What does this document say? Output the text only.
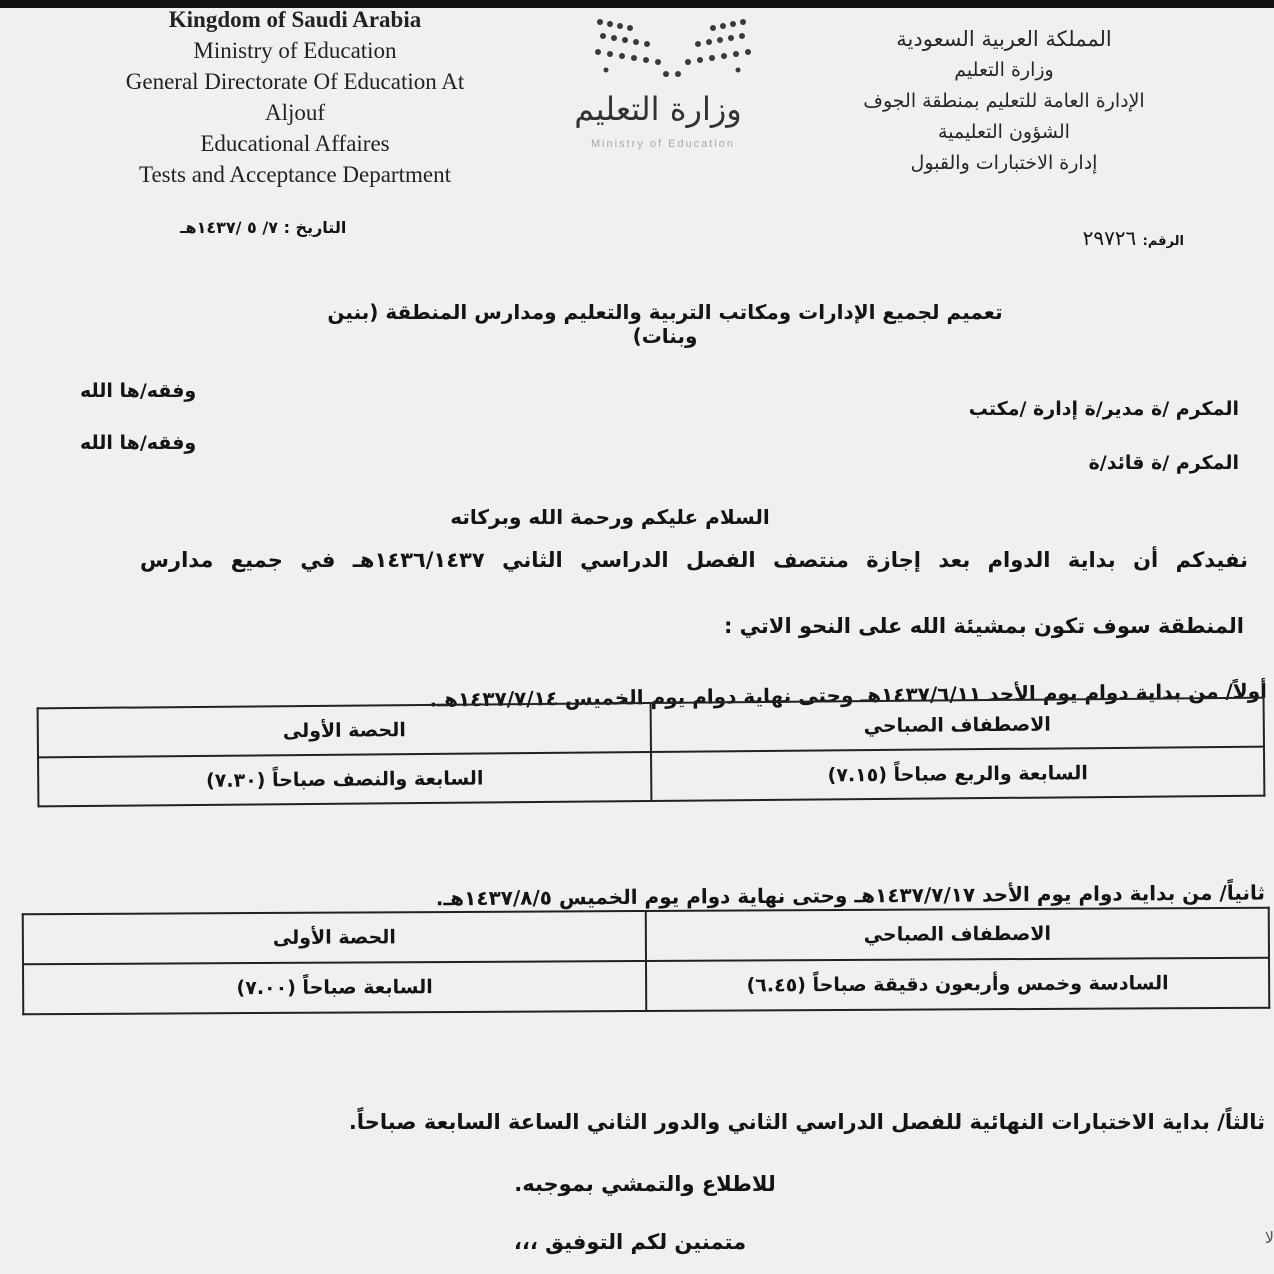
Kingdom of Saudi Arabia
Ministry of Education
General Directorate Of Education At
Aljouf
Educational Affaires
Tests and Acceptance Department
وزارة التعليم
Ministry of Education
المملكة العربية السعودية
وزارة التعليم
الإدارة العامة للتعليم بمنطقة الجوف
الشؤون التعليمية
إدارة الاختبارات والقبول
التاريخ : ٧/ ٥ /١٤٣٧هـ
الرقم: ٢٩٧٢٦
تعميم لجميع الإدارات ومكاتب التربية والتعليم ومدارس المنطقة (بنين وبنات)
المكرم /ة مدير/ة إدارة /مكتب
وفقه/ها الله
المكرم /ة قائد/ة
وفقه/ها الله
السلام عليكم ورحمة الله وبركاته
نفيدكم أن بداية الدوام بعد إجازة منتصف الفصل الدراسي الثاني ١٤٣٦/١٤٣٧هـ في جميع مدارس
المنطقة سوف تكون بمشيئة الله على النحو الاتي :
أولاً/ من بداية دوام يوم الأحد ١٤٣٧/٦/١١هـ وحتى نهاية دوام يوم الخميس ١٤٣٧/٧/١٤هـ.
الاصطفاف الصباحي	الحصة الأولى
السابعة والربع صباحاً (٧.١٥)	السابعة والنصف صباحاً (٧.٣٠)
ثانياً/ من بداية دوام يوم الأحد ١٤٣٧/٧/١٧هـ وحتى نهاية دوام يوم الخميس ١٤٣٧/٨/٥هـ.
الاصطفاف الصباحي	الحصة الأولى
السادسة وخمس وأربعون دقيقة صباحاً (٦.٤٥)	السابعة صباحاً (٧.٠٠)
ثالثاً/ بداية الاختبارات النهائية للفصل الدراسي الثاني والدور الثاني الساعة السابعة صباحاً.
للاطلاع والتمشي بموجبه.
متمنين لكم التوفيق ،،،	لا
